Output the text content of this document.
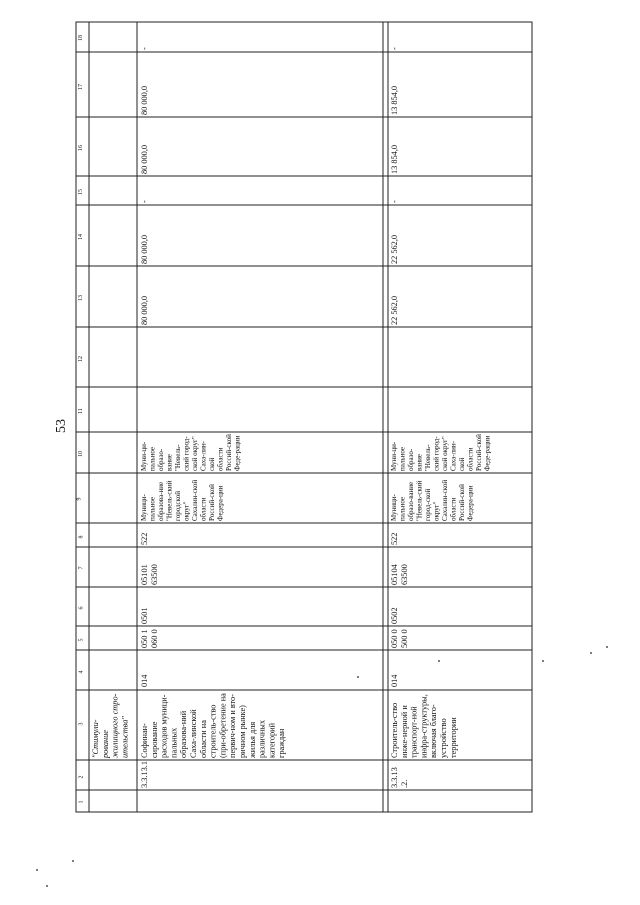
53
18
17
16
15
14
13
12
11
10
9
8
7
6
5
4
3
2
1
"Стимули-рование жилищного стро-ительства"
3.3.13.1
Софинан-сирование расходов муници-пальных образова-ний Саха-линской области на строитель-ство (при-обретение на первич-ном и вто-ричном рынке) жилья для различных категорий граждан
014
050 1 060 0
0501
05101 63500
522
Муници-пальное образова-ние "Невель-ский городской округ" Сахалин-ской области Россий-ской Федера-ции
Муни-ци-пальное образо-вание "Невель-ский город-ской округ" Саха-лин-ской области Россий-ской Феде-рации
80 000,0
80 000,0
-
80 000,0
80 000,0
-
3.3.13 .2.
Строитель-ство инже-нерной и транспорт-ной инфра-структуры, включая благо-устройство территории
014
050 0 500 0
0502
05104 63500
522
Муници-пальное образо-вание "Невель-ский город-ской округ" Сахалин-ской области Россий-ской Федера-ции
Муни-ци-пальное образо-вание "Невель-ский город-ской округ" Саха-лин-ской области Россий-ской Феде-рации
22 562,0
22 562,0
-
13 854,0
13 854,0
-
